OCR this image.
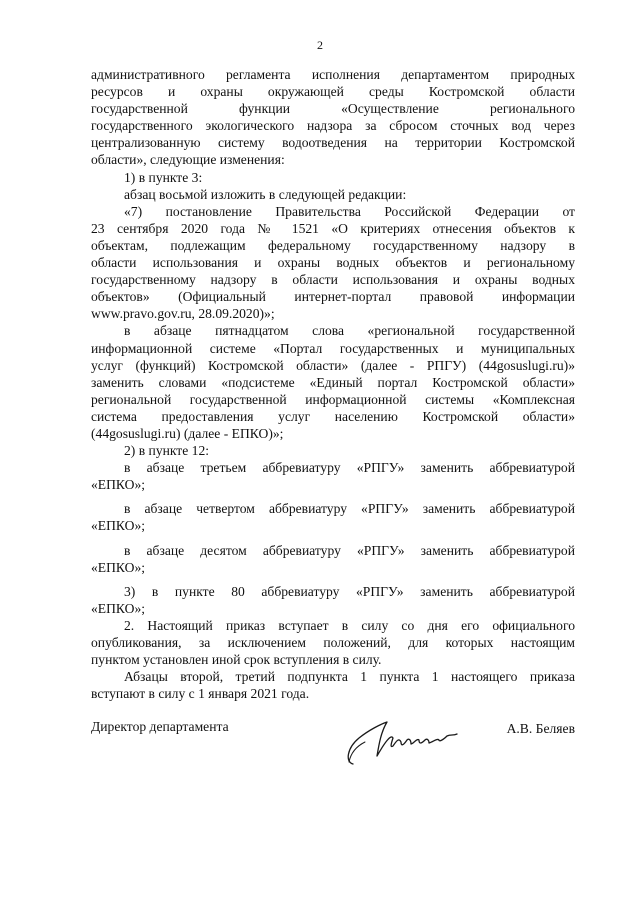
2

административного регламента исполнения департаментом природных
ресурсов и охраны окружающей среды Костромской области
государственной функции «Осуществление регионального
государственного экологического надзора за сбросом сточных вод через
централизованную систему водоотведения на территории Костромской
области», следующие изменения:

1) в пункте 3:

абзац восьмой изложить в следующей редакции:

«7) постановление Правительства Российской Федерации от
23 сентября 2020 года № 1521 «О критериях отнесения объектов к
объектам, подлежащим федеральному государственному надзору в
области использования и охраны водных объектов и региональному
государственному надзору в области использования и охраны водных
объектов» (Официальный интернет-портал правовой информации
www.pravo.gov.ru, 28.09.2020)»;

в абзаце пятнадцатом слова «региональной государственной
информационной системе «Портал государственных и муниципальных
услуг (функций) Костромской области» (далее - РПГУ) (44gosuslugi.ru)»
заменить словами «подсистеме «Единый портал Костромской области»
региональной государственной информационной системы «Комплексная
система предоставления услуг населению Костромской области»
(44gosuslugi.ru) (далее - ЕПКО)»;

2) в пункте 12:

в абзаце третьем аббревиатуру «РПГУ» заменить аббревиатурой
«ЕПКО»;

в абзаце четвертом аббревиатуру «РПГУ» заменить аббревиатурой
«ЕПКО»;

в абзаце десятом аббревиатуру «РПГУ» заменить аббревиатурой
«ЕПКО»;

3) в пункте 80 аббревиатуру «РПГУ» заменить аббревиатурой
«ЕПКО»;

2. Настоящий приказ вступает в силу со дня его официального
опубликования, за исключением положений, для которых настоящим
пунктом установлен иной срок вступления в силу.

Абзацы второй, третий подпункта 1 пункта 1 настоящего приказа
вступают в силу с 1 января 2021 года.

Директор департамента	А.В. Беляев
